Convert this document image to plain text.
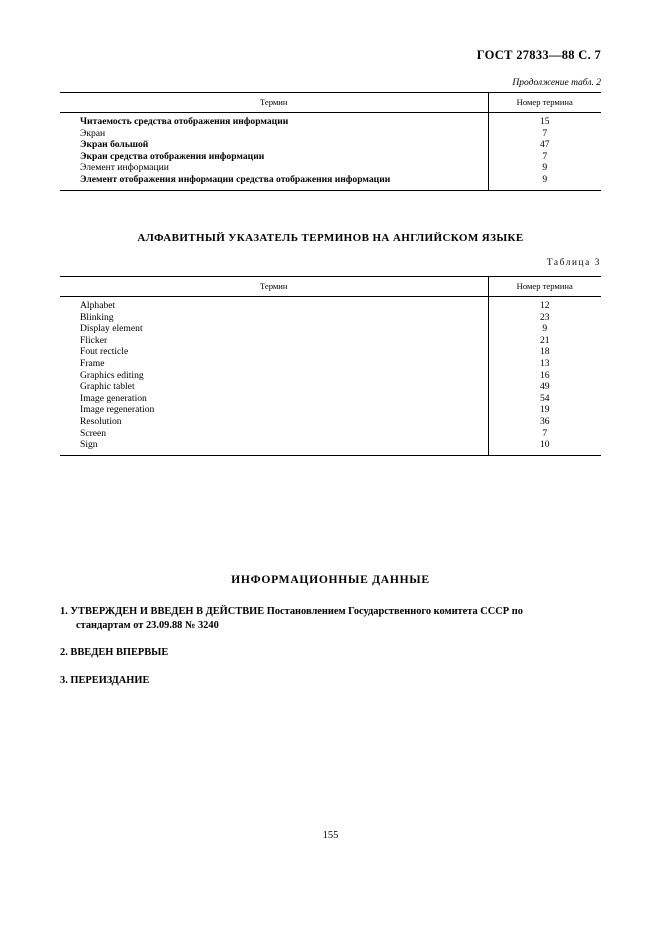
ГОСТ 27833—88 С. 7
Продолжение табл. 2

Термин	Номер термина

Читаемость средства отображения информации	15
Экран	7
Экран большой	47
Экран средства отображения информации	7
Элемент информации	9
Элемент отображения информации средства отображения информации	9

АЛФАВИТНЫЙ УКАЗАТЕЛЬ ТЕРМИНОВ НА АНГЛИЙСКОМ ЯЗЫКЕ
Таблица 3

Термин	Номер термина

Alphabet	12
Blinking	23
Display element	9
Flicker	21
Fout recticle	18
Frame	13
Graphics editing	16
Graphic tablet	49
Image generation	54
Image regeneration	19
Resolution	36
Screen	7
Sign	10

ИНФОРМАЦИОННЫЕ ДАННЫЕ
1. УТВЕРЖДЕН И ВВЕДЕН В ДЕЙСТВИЕ Постановлением Государственного комитета СССР по
стандартам от 23.09.88 № 3240
2. ВВЕДЕН ВПЕРВЫЕ
3. ПЕРЕИЗДАНИЕ
155
